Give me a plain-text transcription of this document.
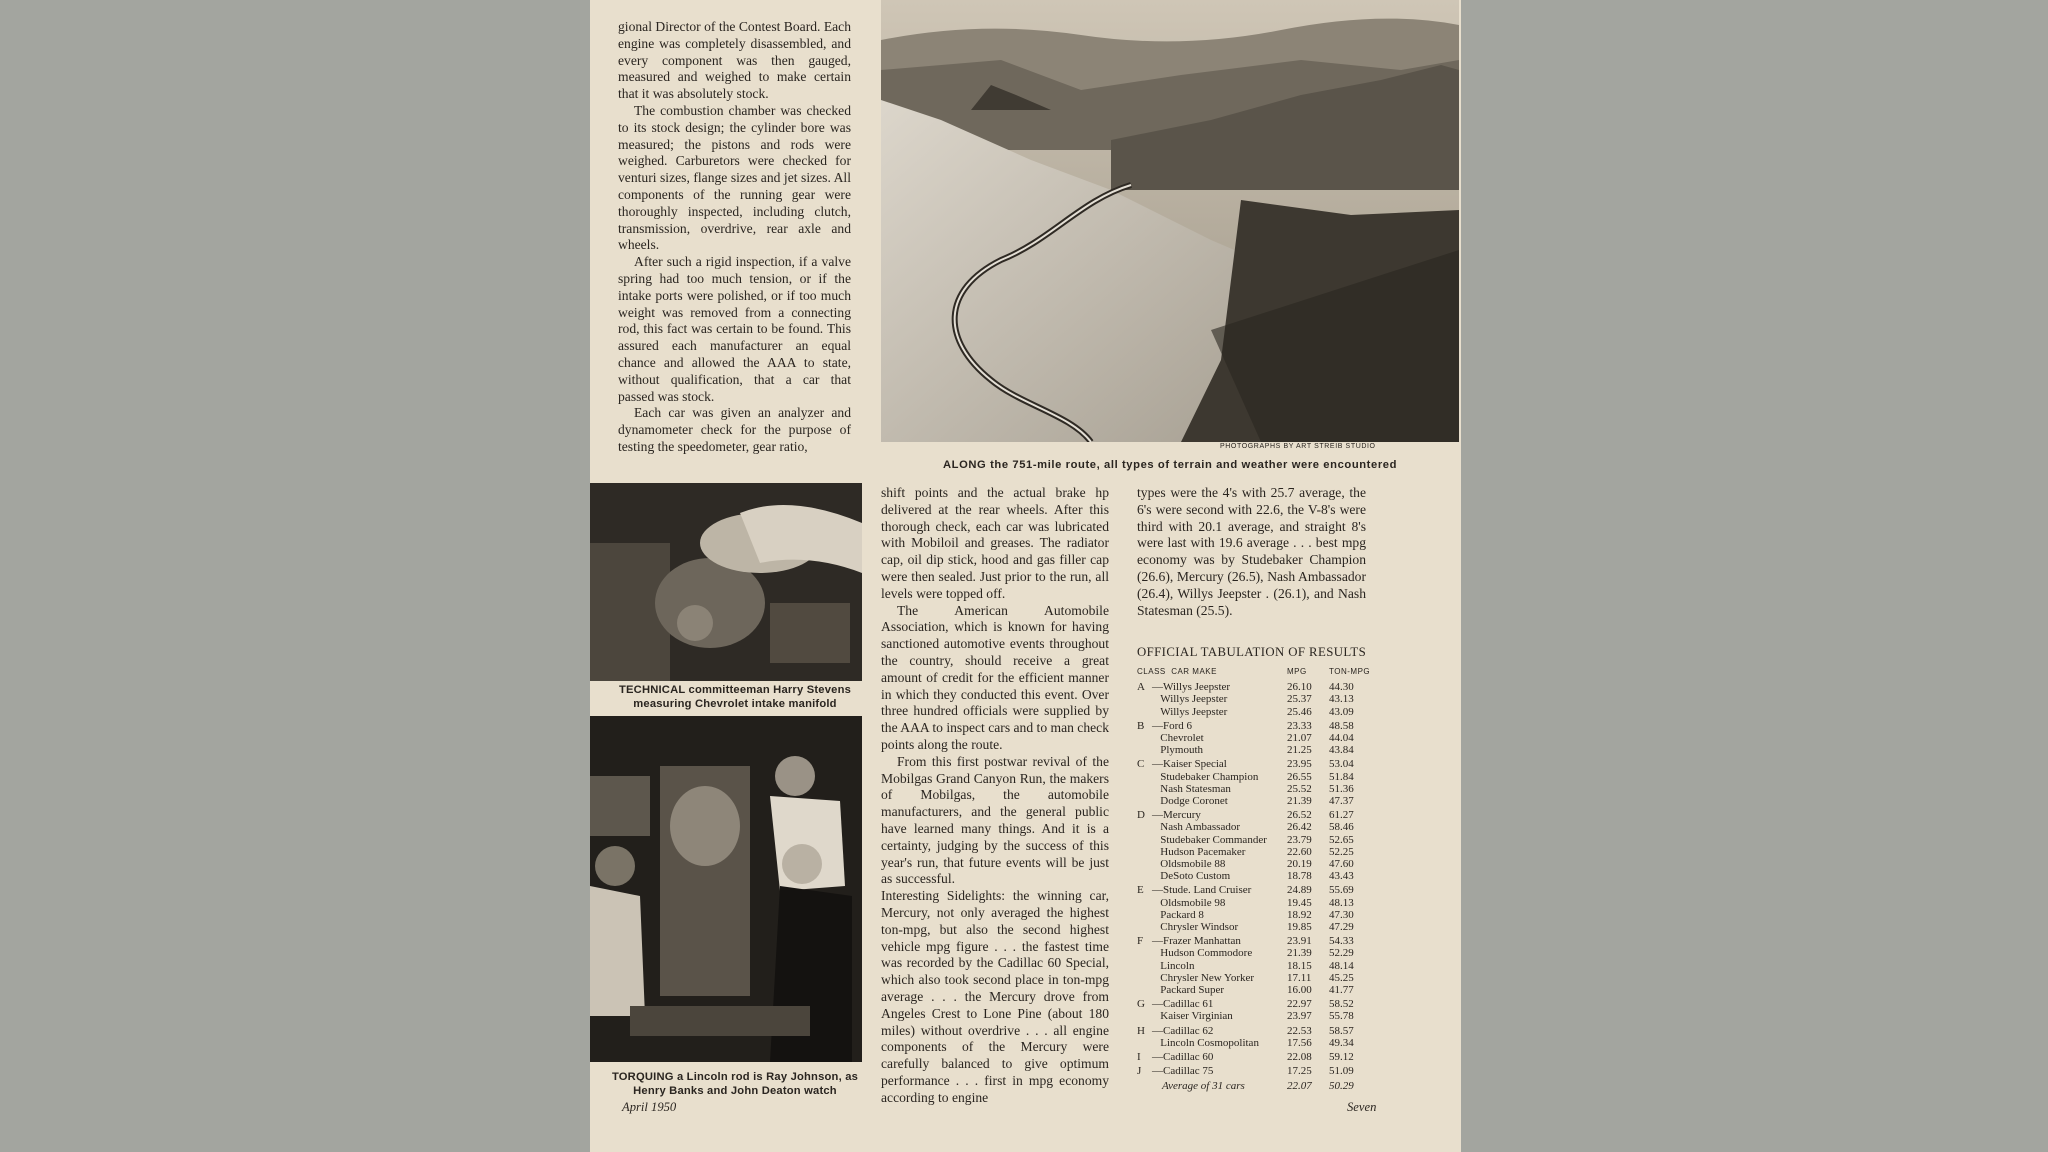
gional Director of the Contest Board. Each engine was completely disassembled, and every component was then gauged, measured and weighed to make certain that it was absolutely stock.

The combustion chamber was checked to its stock design; the cylinder bore was measured; the pistons and rods were weighed. Carburetors were checked for venturi sizes, flange sizes and jet sizes. All components of the running gear were thoroughly inspected, including clutch, transmission, overdrive, rear axle and wheels.

After such a rigid inspection, if a valve spring had too much tension, or if the intake ports were polished, or if too much weight was removed from a connecting rod, this fact was certain to be found. This assured each manufacturer an equal chance and allowed the AAA to state, without qualification, that a car that passed was stock.

Each car was given an analyzer and dynamometer check for the purpose of testing the speedometer, gear ratio,	PHOTOGRAPHS BY ART STREIB STUDIO
ALONG the 751-mile route, all types of terrain and weather were encountered
TECHNICAL committeeman Harry Stevens measuring Chevrolet intake manifold
TORQUING a Lincoln rod is Ray Johnson, as Henry Banks and John Deaton watch

shift points and the actual brake hp delivered at the rear wheels. After this thorough check, each car was lubricated with Mobiloil and greases. The radiator cap, oil dip stick, hood and gas filler cap were then sealed. Just prior to the run, all levels were topped off.

The American Automobile Association, which is known for having sanctioned automotive events throughout the country, should receive a great amount of credit for the efficient manner in which they conducted this event. Over three hundred officials were supplied by the AAA to inspect cars and to man check points along the route.

From this first postwar revival of the Mobilgas Grand Canyon Run, the makers of Mobilgas, the automobile manufacturers, and the general public have learned many things. And it is a certainty, judging by the success of this year's run, that future events will be just as successful.

Interesting Sidelights: the winning car, Mercury, not only averaged the highest ton-mpg, but also the second highest vehicle mpg figure . . . the fastest time was recorded by the Cadillac 60 Special, which also took second place in ton-mpg average . . . the Mercury drove from Angeles Crest to Lone Pine (about 180 miles) without overdrive . . . all engine components of the Mercury were carefully balanced to give optimum performance . . . first in mpg economy according to engine

types were the 4's with 25.7 average, the 6's were second with 22.6, the V-8's were third with 20.1 average, and straight 8's were last with 19.6 average . . . best mpg economy was by Studebaker Champion (26.6), Mercury (26.5), Nash Ambassador (26.4), Willys Jeepster . (26.1), and Nash Statesman (25.5).

OFFICIAL TABULATION OF RESULTS
CLASS CAR MAKE	MPG	TON-MPG
A —Willys Jeepster	26.10	44.30
Willys Jeepster	25.37	43.13
Willys Jeepster	25.46	43.09
B —Ford 6	23.33	48.58
Chevrolet	21.07	44.04
Plymouth	21.25	43.84
C —Kaiser Special	23.95	53.04
Studebaker Champion	26.55	51.84
Nash Statesman	25.52	51.36
Dodge Coronet	21.39	47.37
D —Mercury	26.52	61.27
Nash Ambassador	26.42	58.46
Studebaker Commander	23.79	52.65
Hudson Pacemaker	22.60	52.25
Oldsmobile 88	20.19	47.60
DeSoto Custom	18.78	43.43
E —Stude. Land Cruiser	24.89	55.69
Oldsmobile 98	19.45	48.13
Packard 8	18.92	47.30
Chrysler Windsor	19.85	47.29
F —Frazer Manhattan	23.91	54.33
Hudson Commodore	21.39	52.29
Lincoln	18.15	48.14
Chrysler New Yorker	17.11	45.25
Packard Super	16.00	41.77
G —Cadillac 61	22.97	58.52
Kaiser Virginian	23.97	55.78
H —Cadillac 62	22.53	58.57
Lincoln Cosmopolitan	17.56	49.34
I	—Cadillac 60	22.08	59.12
J —Cadillac 75	17.25	51.09
Average of 31 cars	22.07	50.29
April 1950	Seven
